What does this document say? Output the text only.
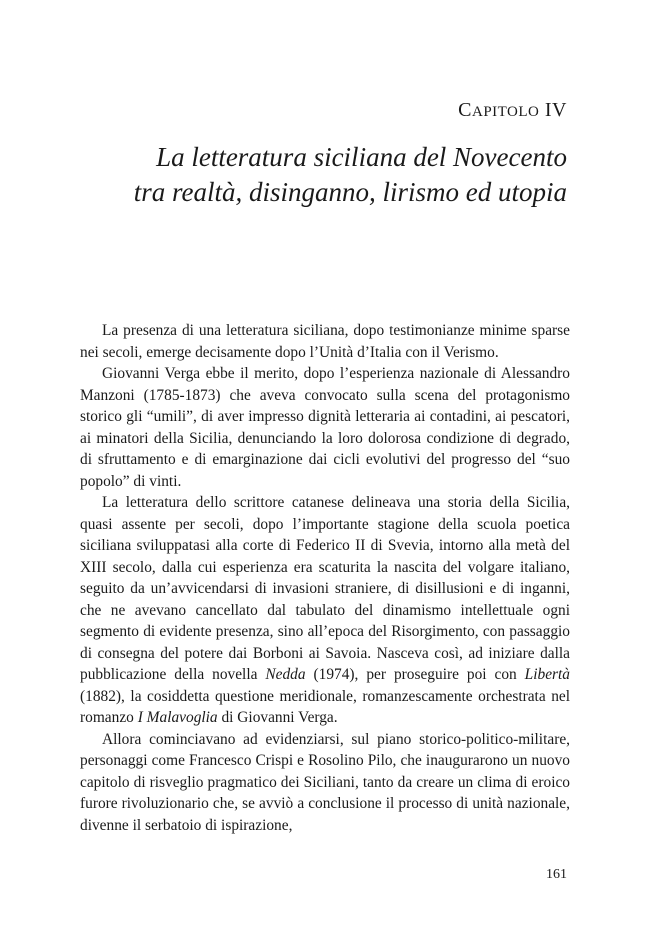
CAPITOLO IV
La letteratura siciliana del Novecento
tra realtà, disinganno, lirismo ed utopia

La presenza di una letteratura siciliana, dopo testimonianze minime sparse nei secoli, emerge decisamente dopo l’Unità d’Italia con il Verismo.

Giovanni Verga ebbe il merito, dopo l’esperienza nazionale di Alessandro Manzoni (1785-1873) che aveva convocato sulla scena del protagonismo storico gli “umili”, di aver impresso dignità letteraria ai contadini, ai pescatori, ai minatori della Sicilia, denunciando la loro dolorosa condizione di degrado, di sfruttamento e di emarginazione dai cicli evolutivi del progresso del “suo popolo” di vinti.

La letteratura dello scrittore catanese delineava una storia della Sicilia, quasi assente per secoli, dopo l’importante stagione della scuola poetica siciliana sviluppatasi alla corte di Federico II di Svevia, intorno alla metà del XIII secolo, dalla cui esperienza era scaturita la nascita del volgare italiano, seguito da un’avvicendarsi di invasioni straniere, di disillusioni e di inganni, che ne avevano cancellato dal tabulato del dinamismo intellettuale ogni segmento di evidente presenza, sino all’epoca del Risorgimento, con passaggio di consegna del potere dai Borboni ai Savoia. Nasceva così, ad iniziare dalla pubblicazione della novella Nedda (1974), per proseguire poi con Libertà (1882), la cosiddetta questione meridionale, romanzescamente orchestrata nel romanzo I Malavoglia di Giovanni Verga.

Allora cominciavano ad evidenziarsi, sul piano storico-politico-militare, personaggi come Francesco Crispi e Rosolino Pilo, che inaugurarono un nuovo capitolo di risveglio pragmatico dei Siciliani, tanto da creare un clima di eroico furore rivoluzionario che, se avviò a conclusione il processo di unità nazionale, divenne il serbatoio di ispirazione,

161
